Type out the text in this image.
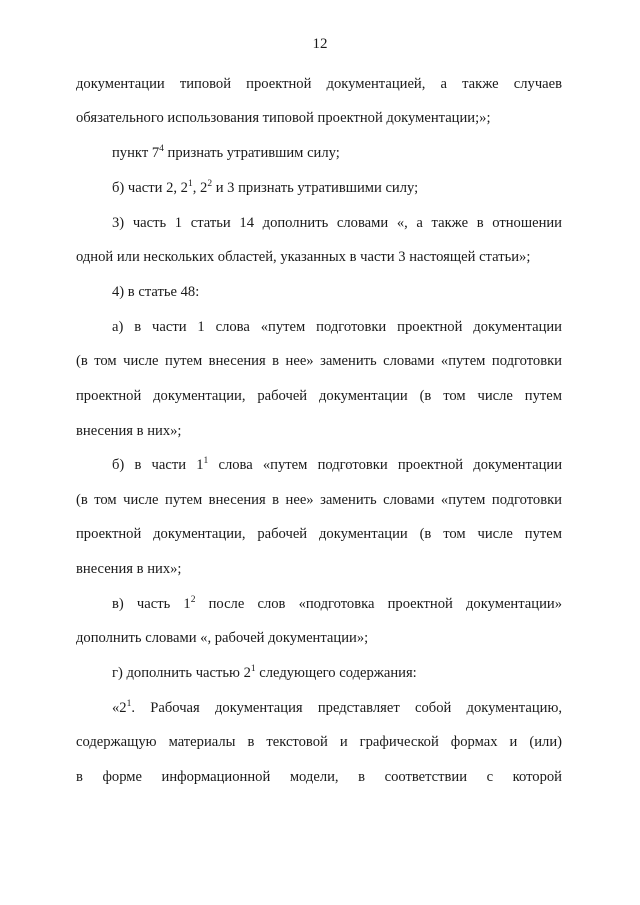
12
документации типовой проектной документацией, а также случаев
обязательного использования типовой проектной документации;»;
пункт $7^4$ признать утратившим силу;
б) части 2, $2^1$, $2^2$ и 3 признать утратившими силу;
3) часть 1 статьи 14 дополнить словами «, а также в отношении
одной или нескольких областей, указанных в части 3 настоящей статьи»;
4) в статье 48:
а) в части 1 слова «путем подготовки проектной документации
(в том числе путем внесения в нее» заменить словами «путем подготовки
проектной документации, рабочей документации (в том числе путем
внесения в них»;
б) в части $1^1$ слова «путем подготовки проектной документации
(в том числе путем внесения в нее» заменить словами «путем подготовки
проектной документации, рабочей документации (в том числе путем
внесения в них»;
в) часть $1^2$ после слов «подготовка проектной документации»
дополнить словами «, рабочей документации»;
г) дополнить частью $2^1$ следующего содержания:
«$2^1$. Рабочая документация представляет собой документацию,
содержащую материалы в текстовой и графической формах и (или)
в форме информационной модели, в соответствии с которой
